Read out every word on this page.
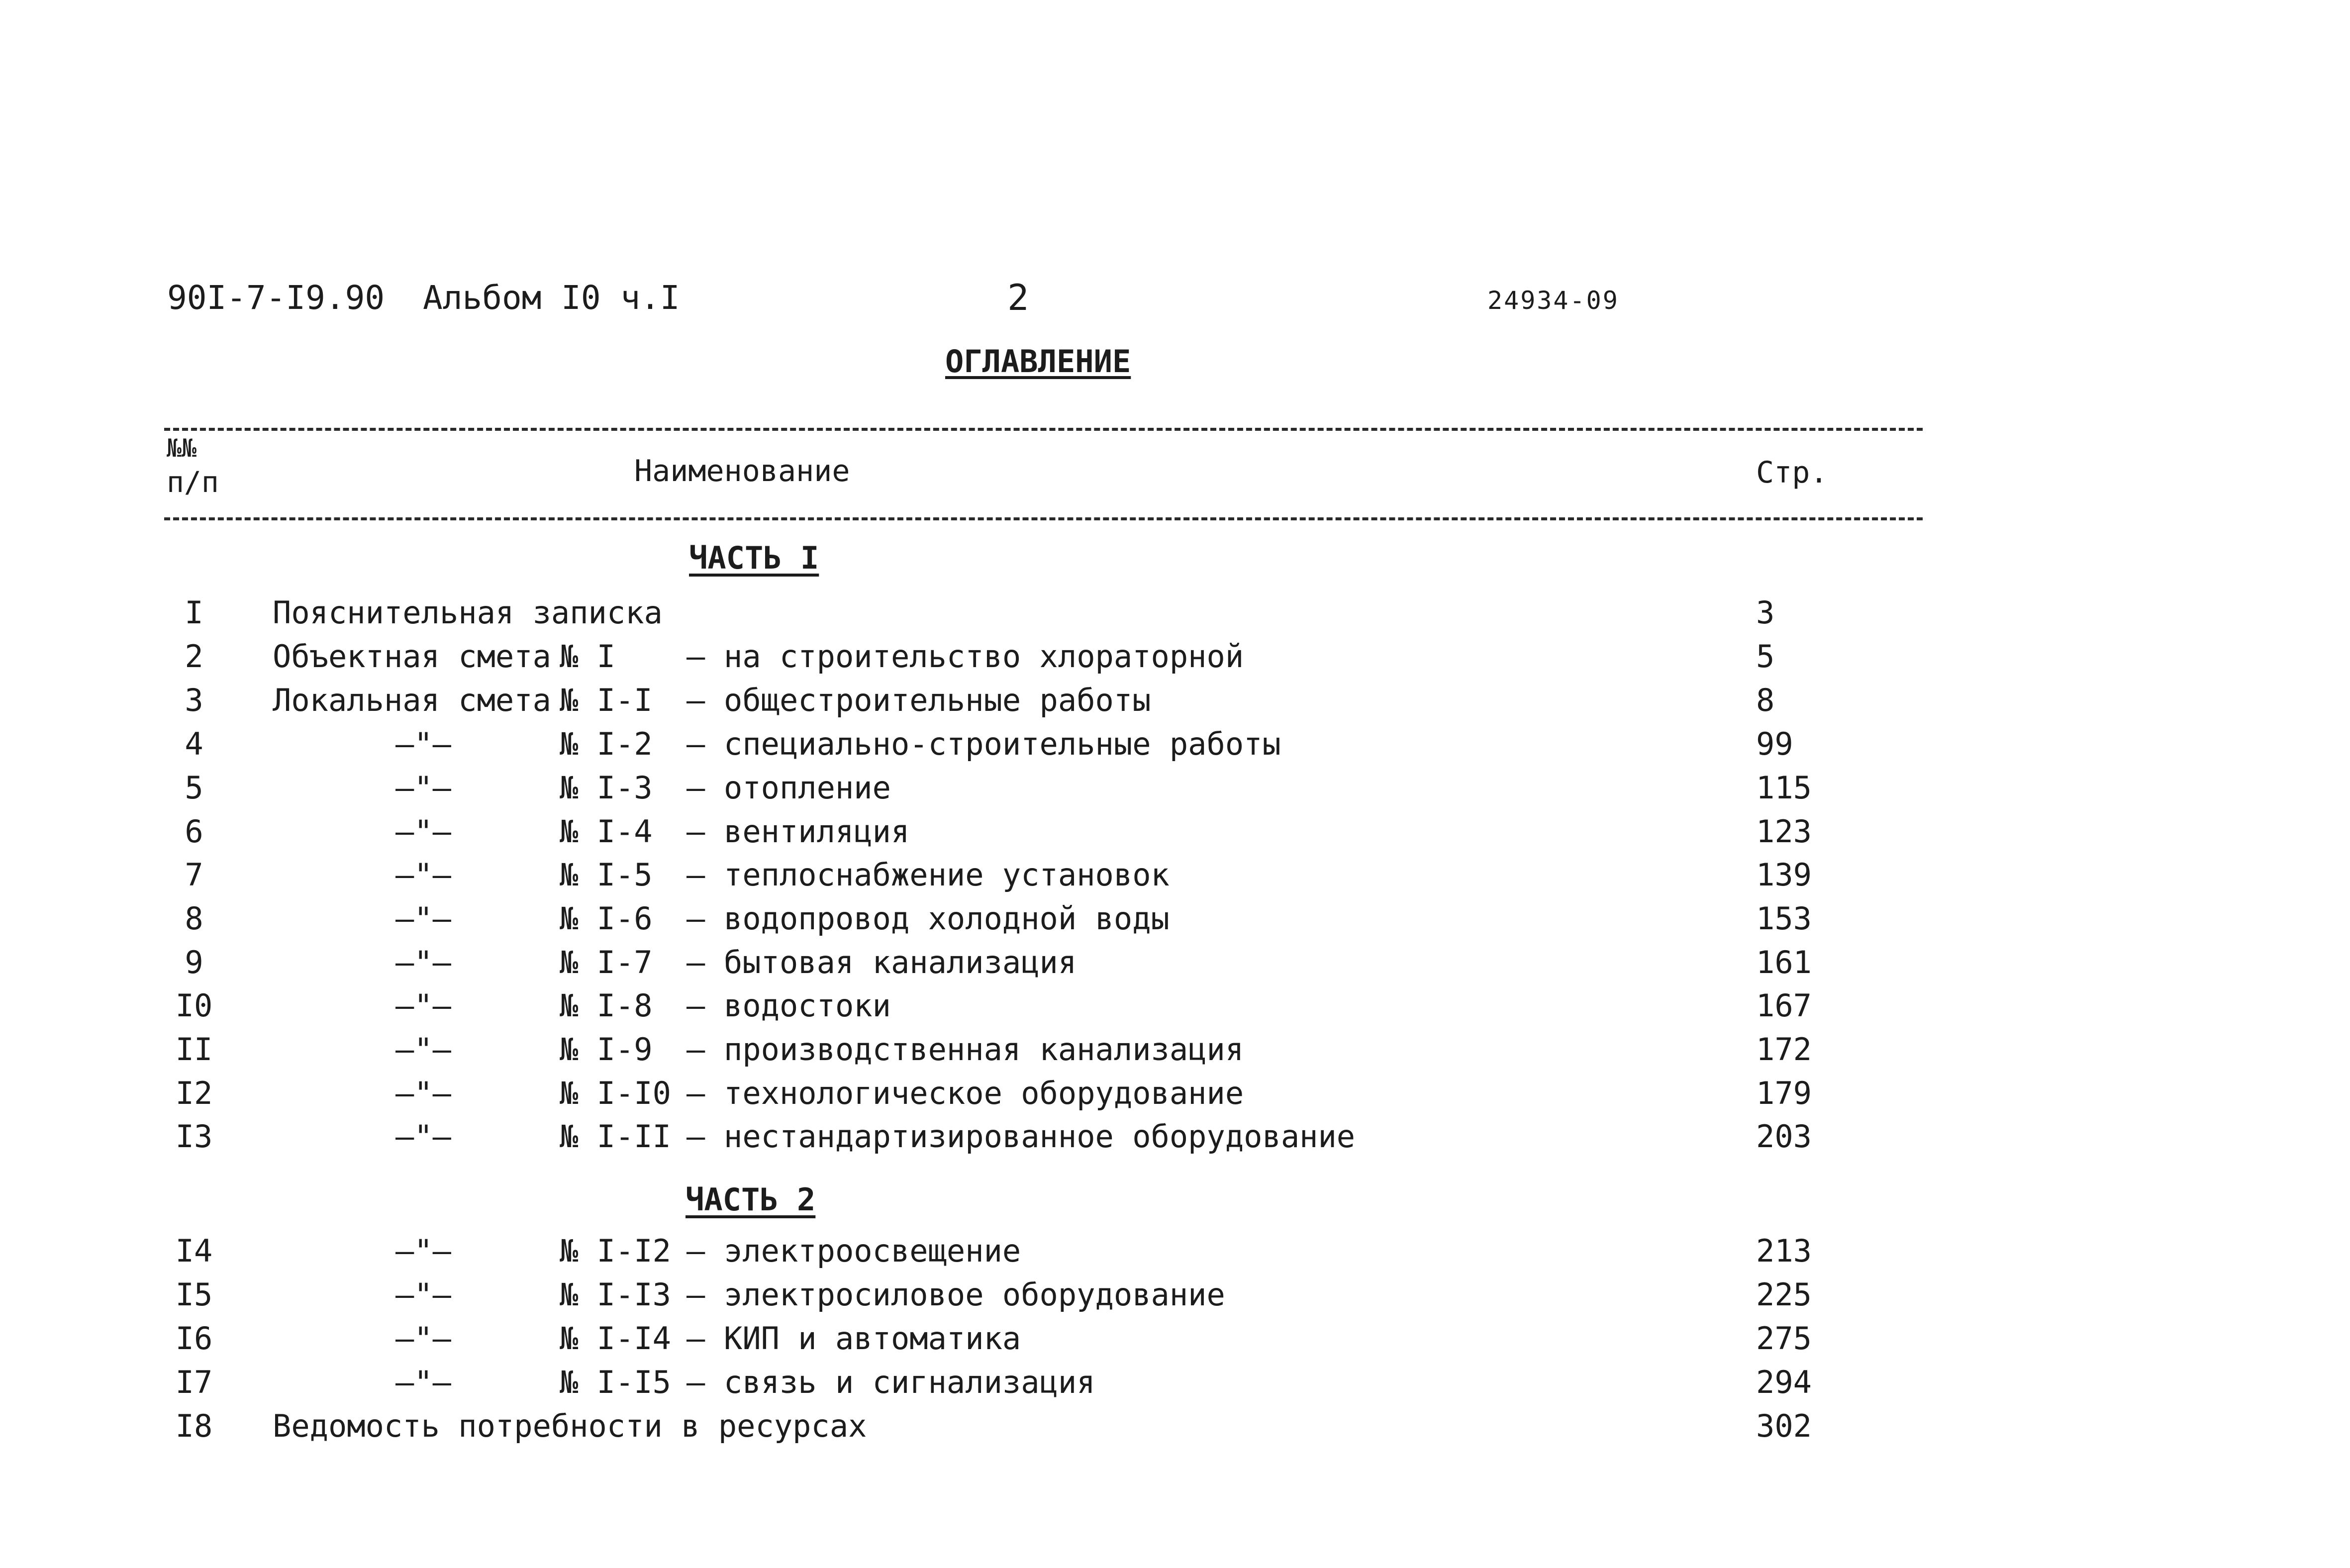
90I-7-I9.90 Альбом I0 ч.I	2	24934-09
ОГЛАВЛЕНИЕ
№№
п/п	Наименование	Стр.
ЧАСТЬ I
ЧАСТЬ 2
I	Пояснительная записка	3
2	Объектная смета № I – на строительство хлораторной	5
3	Локальная смета № I-I – общестроительные работы	8
4	–"–	№ I-2 – специально-строительные работы	99
5	–"–	№ I-3 – отопление	115
6	–"–	№ I-4 – вентиляция	123
7	–"–	№ I-5 – теплоснабжение установок	139
8	–"–	№ I-6 – водопровод холодной воды	153
9	–"–	№ I-7 – бытовая канализация	161
I0	–"–	№ I-8 – водостоки	167
II	–"–	№ I-9 – производственная канализация	172
I2	–"–	№ I-I0 – технологическое оборудование	179
I3	–"–	№ I-II – нестандартизированное оборудование	203
I4	–"–	№ I-I2 – электроосвещение	213
I5	–"–	№ I-I3 – электросиловое оборудование	225
I6	–"–	№ I-I4 – КИП и автоматика	275
I7	–"–	№ I-I5 – связь и сигнализация	294
I8 Ведомость потребности в ресурсах	302
